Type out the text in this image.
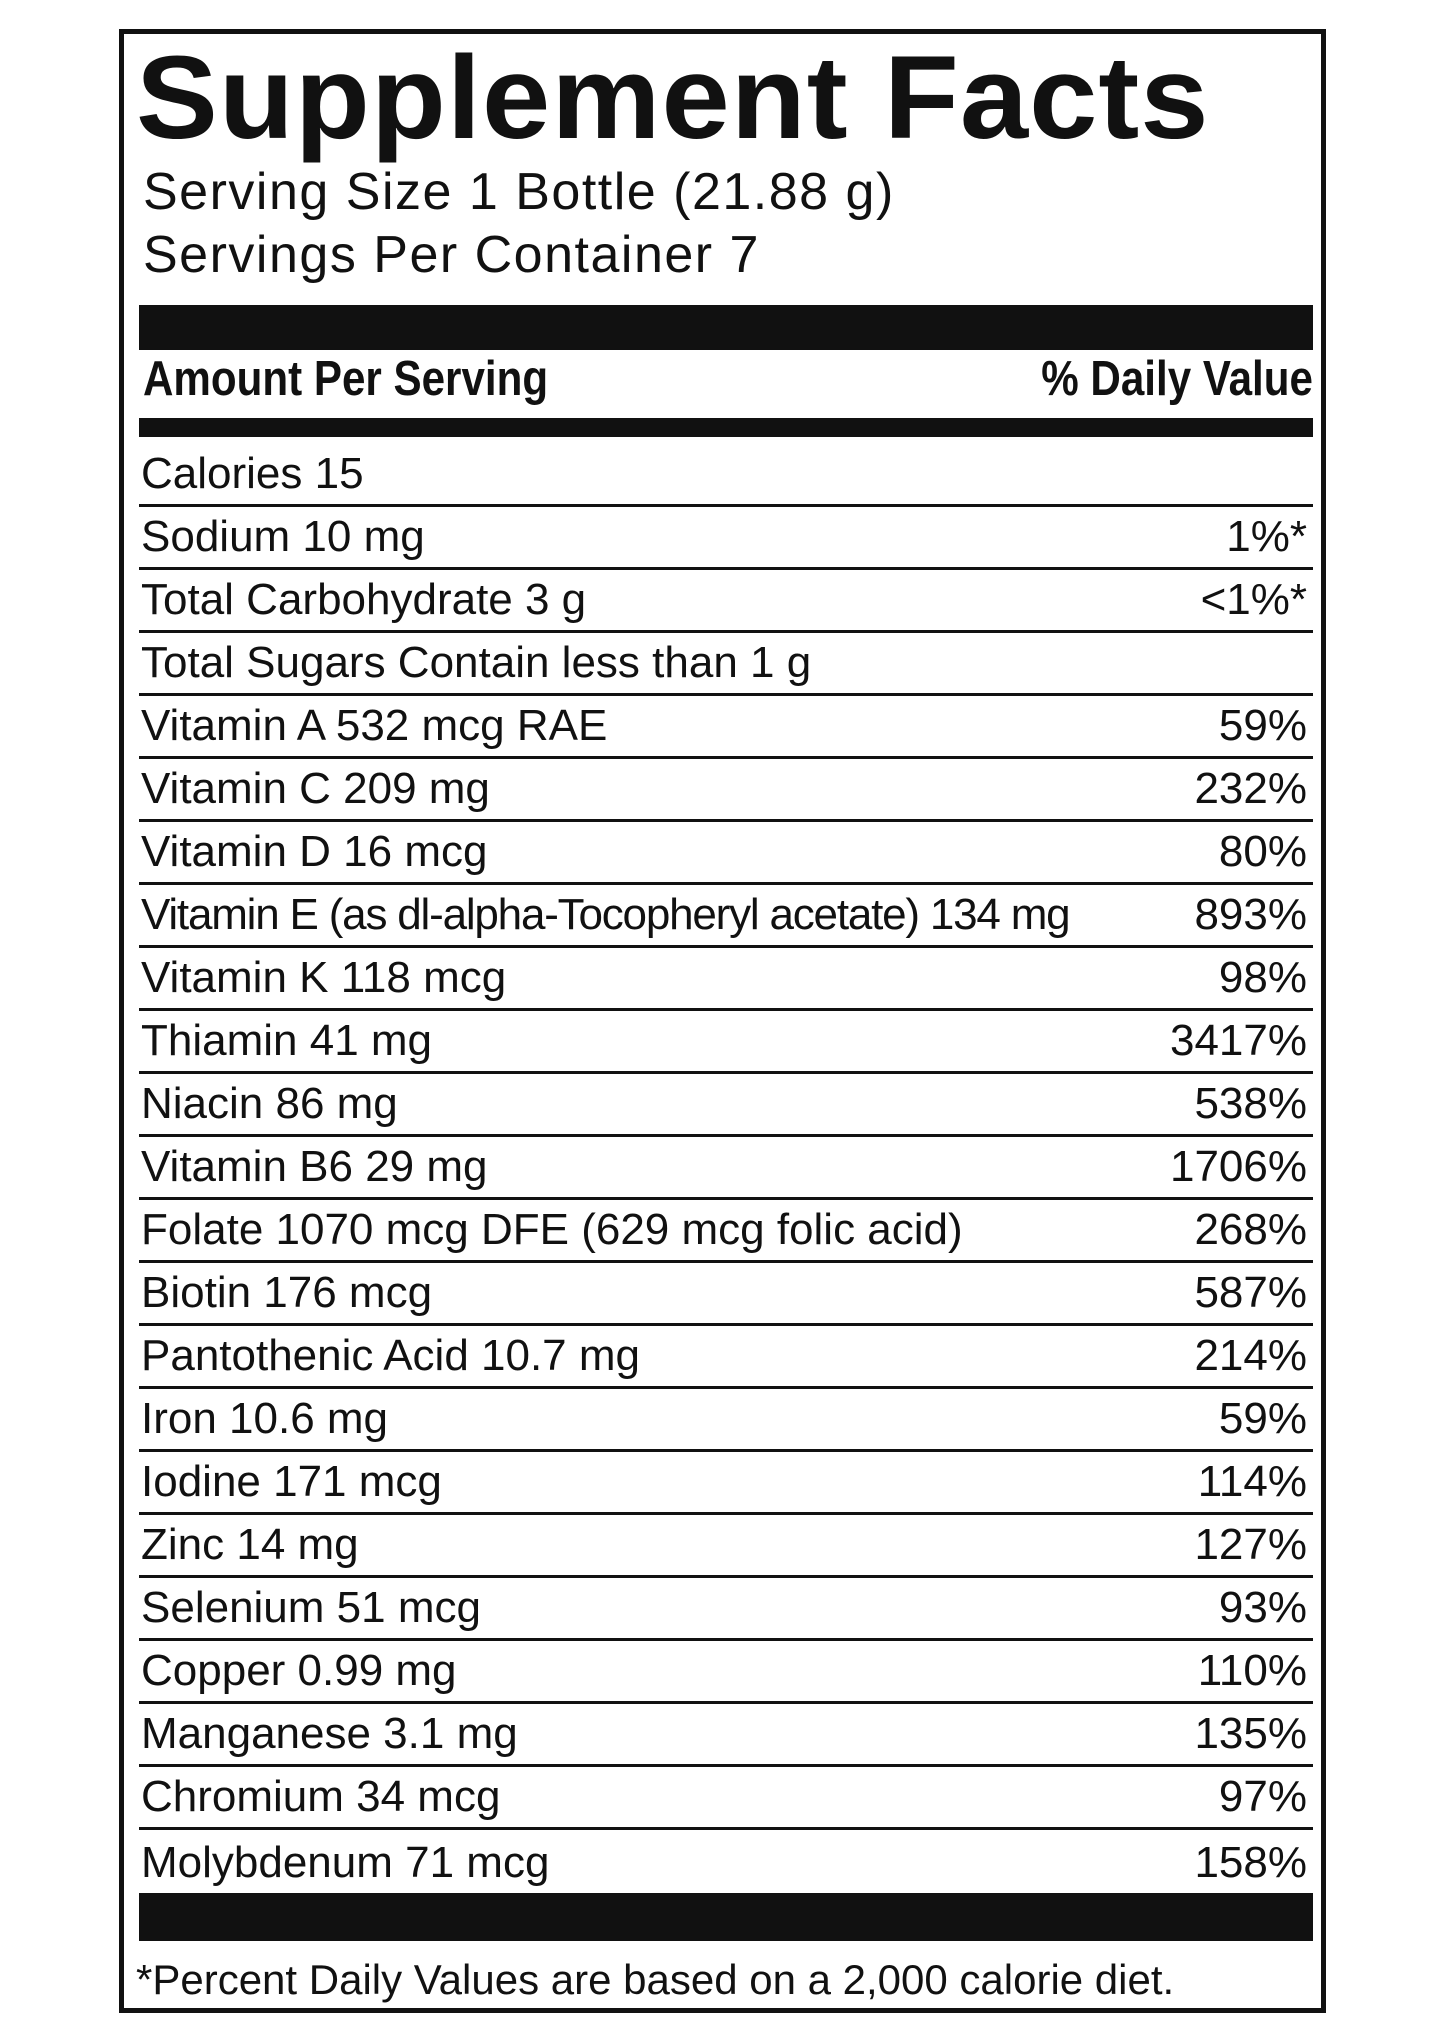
Supplement Facts
Serving Size 1 Bottle (21.88 g)
Servings Per Container 7
Amount Per Serving	% Daily Value
Calories 15
Sodium 10 mg	1%*
Total Carbohydrate 3 g	<1%*
Total Sugars Contain less than 1 g
Vitamin A 532 mcg RAE	59%
Vitamin C 209 mg	232%
Vitamin D 16 mcg	80%
Vitamin E (as dl-alpha-Tocopheryl acetate) 134 mg	893%
Vitamin K 118 mcg	98%
Thiamin 41 mg	3417%
Niacin 86 mg	538%
Vitamin B6 29 mg	1706%
Folate 1070 mcg DFE (629 mcg folic acid)	268%
Biotin 176 mcg	587%
Pantothenic Acid 10.7 mg	214%
Iron 10.6 mg	59%
Iodine 171 mcg	114%
Zinc 14 mg	127%
Selenium 51 mcg	93%
Copper 0.99 mg	110%
Manganese 3.1 mg	135%
Chromium 34 mcg	97%
Molybdenum 71 mcg	158%
*Percent Daily Values are based on a 2,000 calorie diet.
